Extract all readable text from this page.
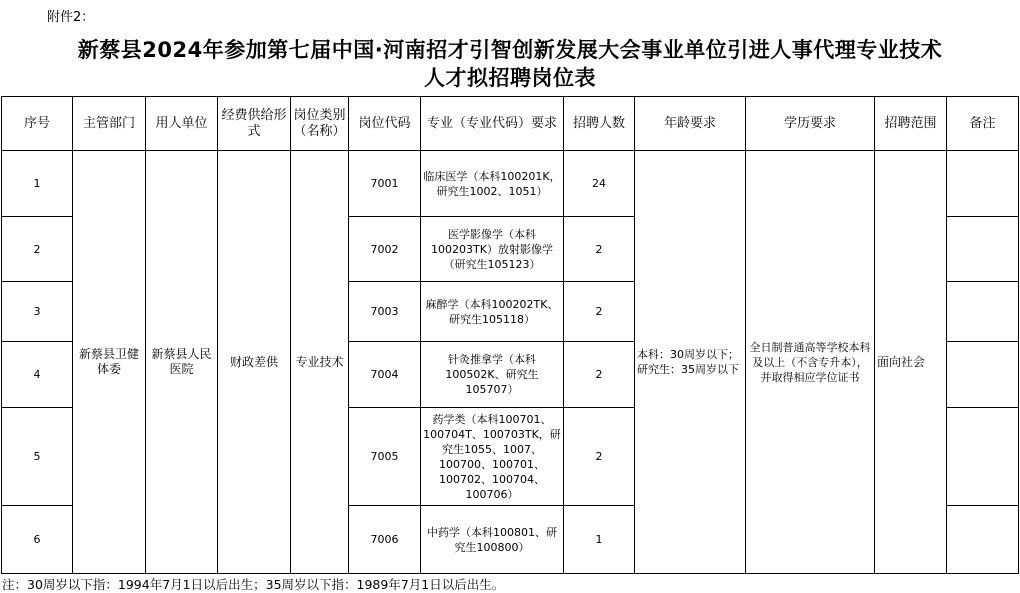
附件2：
新蔡县2024年参加第七届中国·河南招才引智创新发展大会事业单位引进人事代理专业技术
人才拟招聘岗位表
序号	主管部门	用人单位	经费供给形式	岗位类别（名称）	岗位代码	专业（专业代码）要求	招聘人数	年龄要求	学历要求	招聘范围	备注
1	新蔡县卫健体委	新蔡县人民医院	财政差供	专业技术	7001	临床医学（本科100201K，研究生1002、1051）	24	本科：30周岁以下；研究生：35周岁以下	全日制普通高等学校本科及以上（不含专升本），并取得相应学位证书	面向社会	
2					7002	医学影像学（本科100203TK）放射影像学（研究生105123）	2				
3					7003	麻醉学（本科100202TK、研究生105118）	2				
4					7004	针灸推拿学（本科100502K、研究生105707）	2				
5					7005	药学类（本科100701、100704T、100703TK，研究生1055、1007、100700、100701、100702、100704、100706）	2				
6					7006	中药学（本科100801、研究生100800）	1				
注：30周岁以下指：1994年7月1日以后出生；35周岁以下指：1989年7月1日以后出生。
